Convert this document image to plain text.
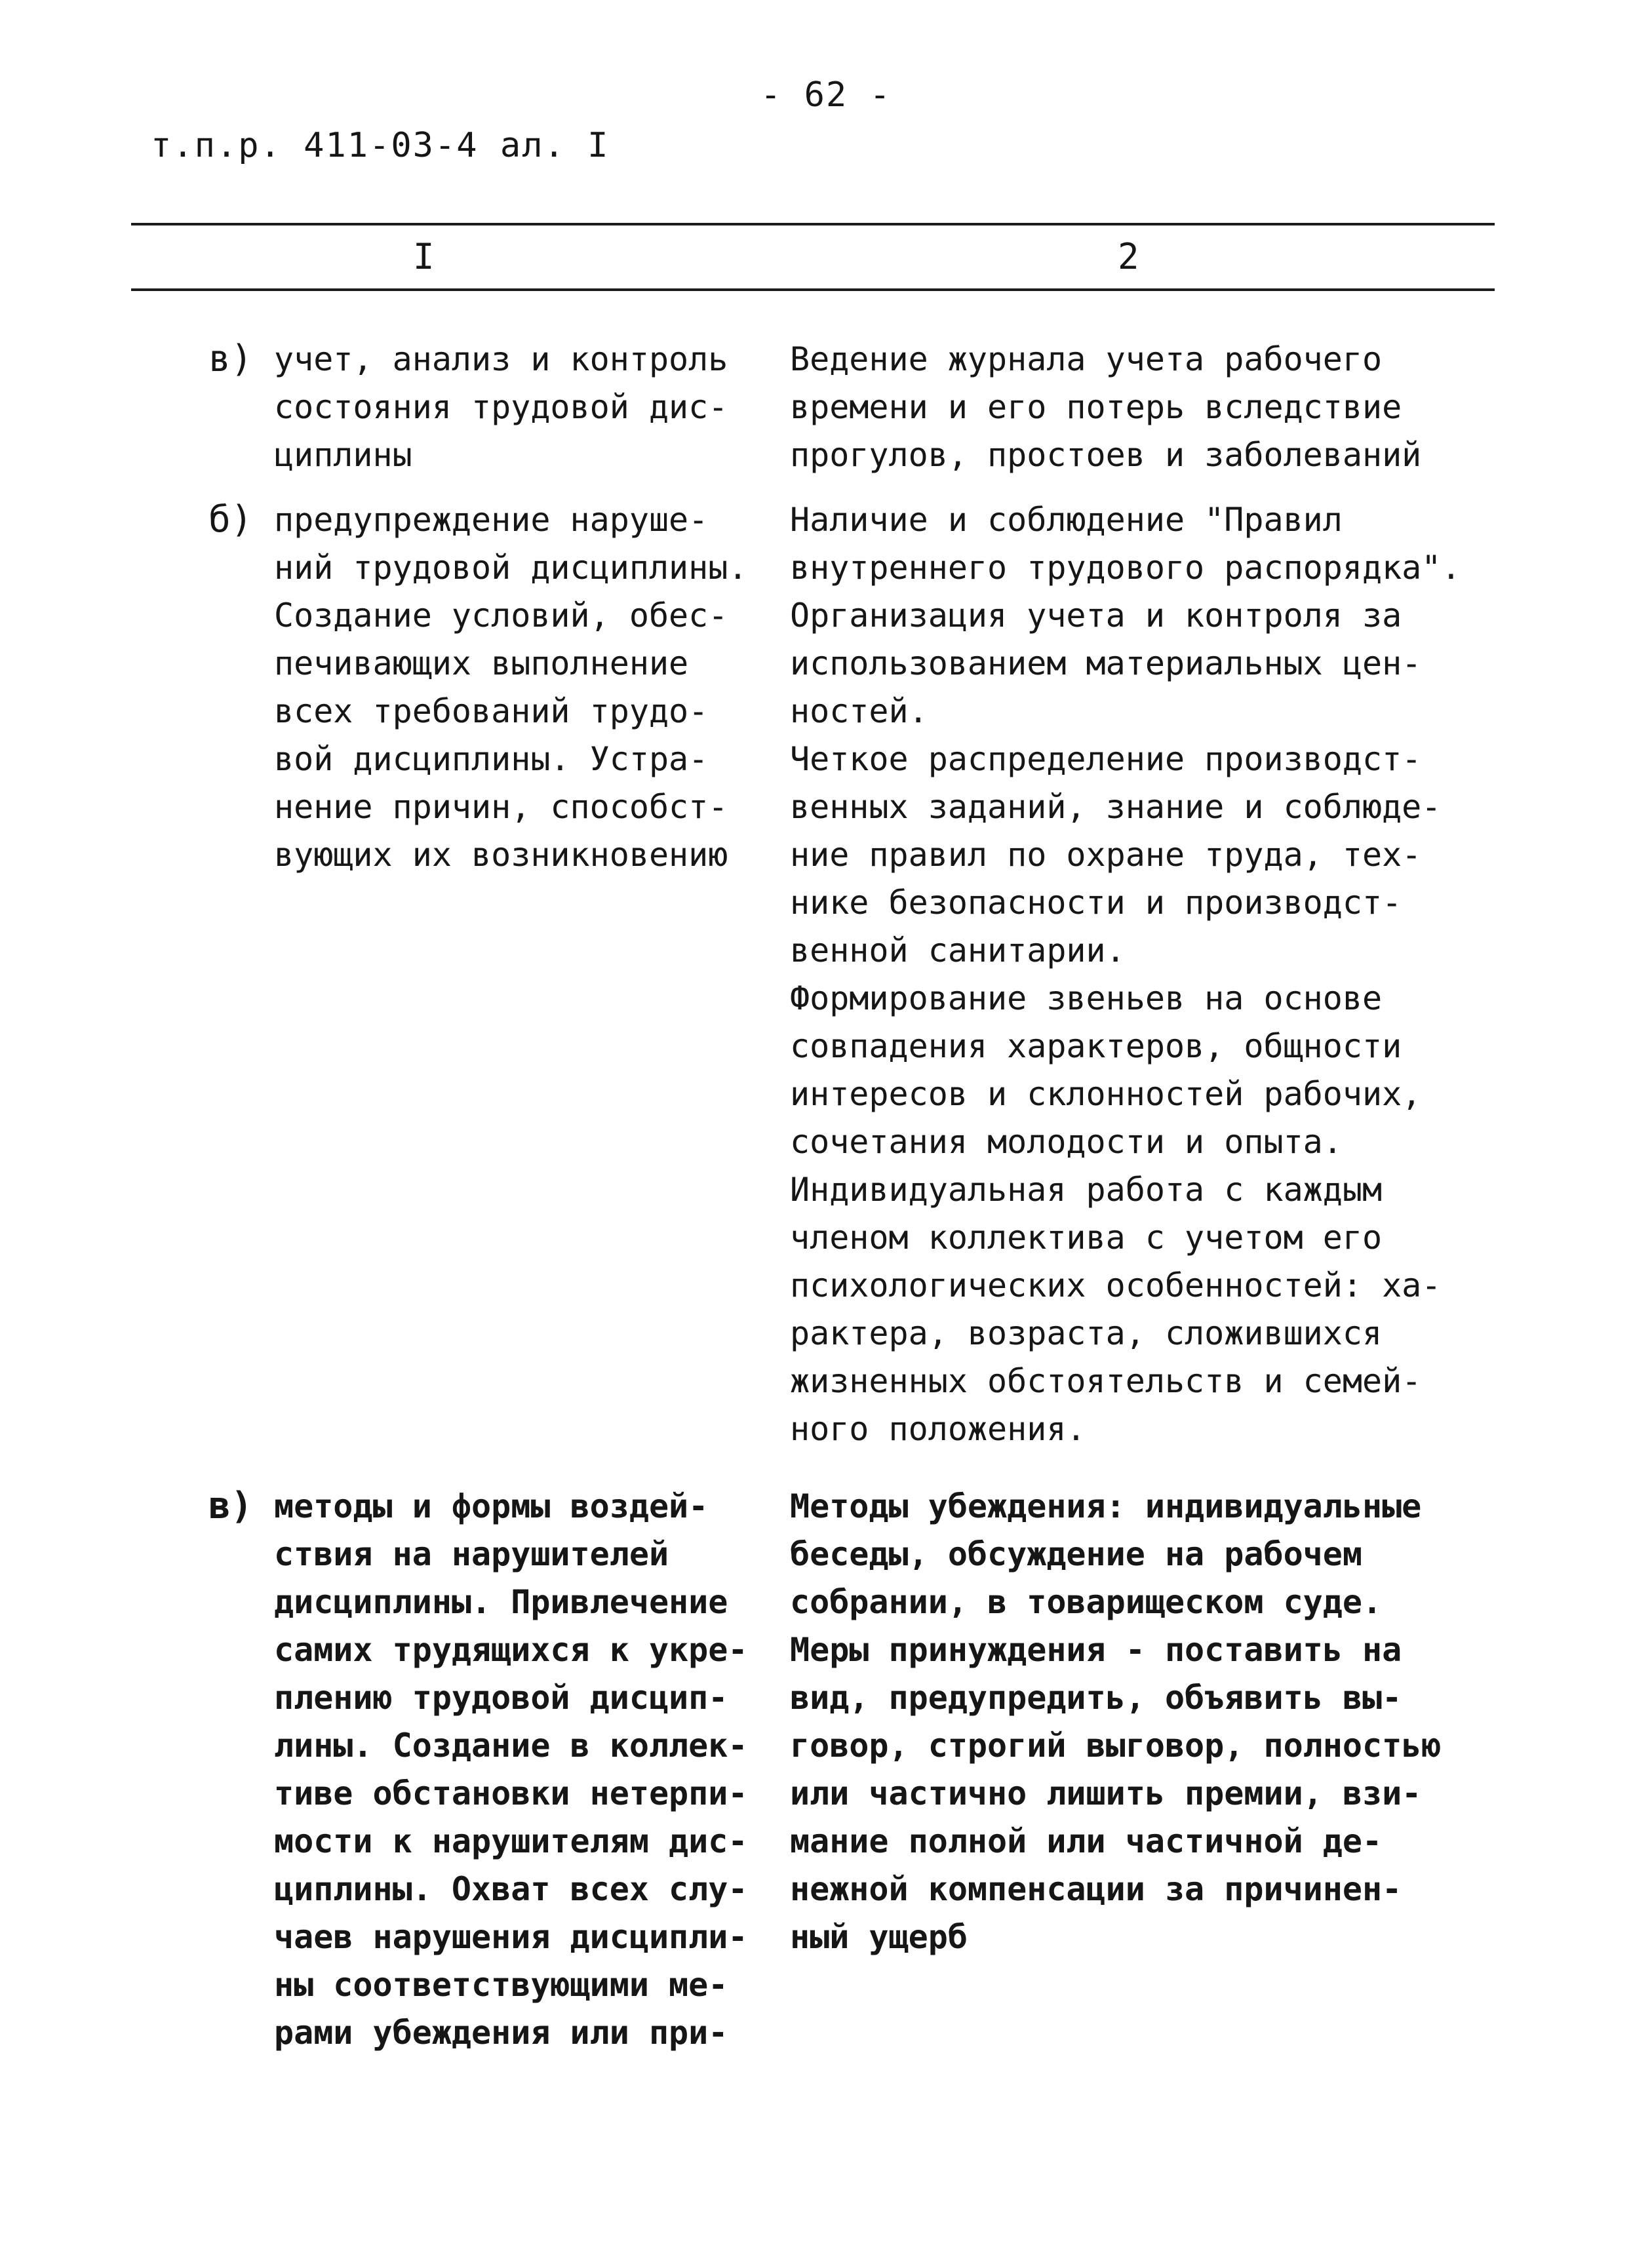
- 62 -
т.п.р. 411-03-4 ал. I
I	2
в) учет, анализ и контроль
состояния трудовой дис-
циплины
Ведение журнала учета рабочего
времени и его потерь вследствие
прогулов, простоев и заболеваний
б) предупреждение наруше-
ний трудовой дисциплины.
Создание условий, обес-
печивающих выполнение
всех требований трудо-
вой дисциплины. Устра-
нение причин, способст-
вующих их возникновению
Наличие и соблюдение "Правил
внутреннего трудового распорядка".
Организация учета и контроля за
использованием материальных цен-
ностей.
Четкое распределение производст-
венных заданий, знание и соблюде-
ние правил по охране труда, тех-
нике безопасности и производст-
венной санитарии.
Формирование звеньев на основе
совпадения характеров, общности
интересов и склонностей рабочих,
сочетания молодости и опыта.
Индивидуальная работа с каждым
членом коллектива с учетом его
психологических особенностей: ха-
рактера, возраста, сложившихся
жизненных обстоятельств и семей-
ного положения.
в) методы и формы воздей-
ствия на нарушителей
дисциплины. Привлечение
самих трудящихся к укре-
плению трудовой дисцип-
лины. Создание в коллек-
тиве обстановки нетерпи-
мости к нарушителям дис-
циплины. Охват всех слу-
чаев нарушения дисципли-
ны соответствующими ме-
рами убеждения или при-
Методы убеждения: индивидуальные
беседы, обсуждение на рабочем
собрании, в товарищеском суде.
Меры принуждения - поставить на
вид, предупредить, объявить вы-
говор, строгий выговор, полностью
или частично лишить премии, взи-
мание полной или частичной де-
нежной компенсации за причинен-
ный ущерб
